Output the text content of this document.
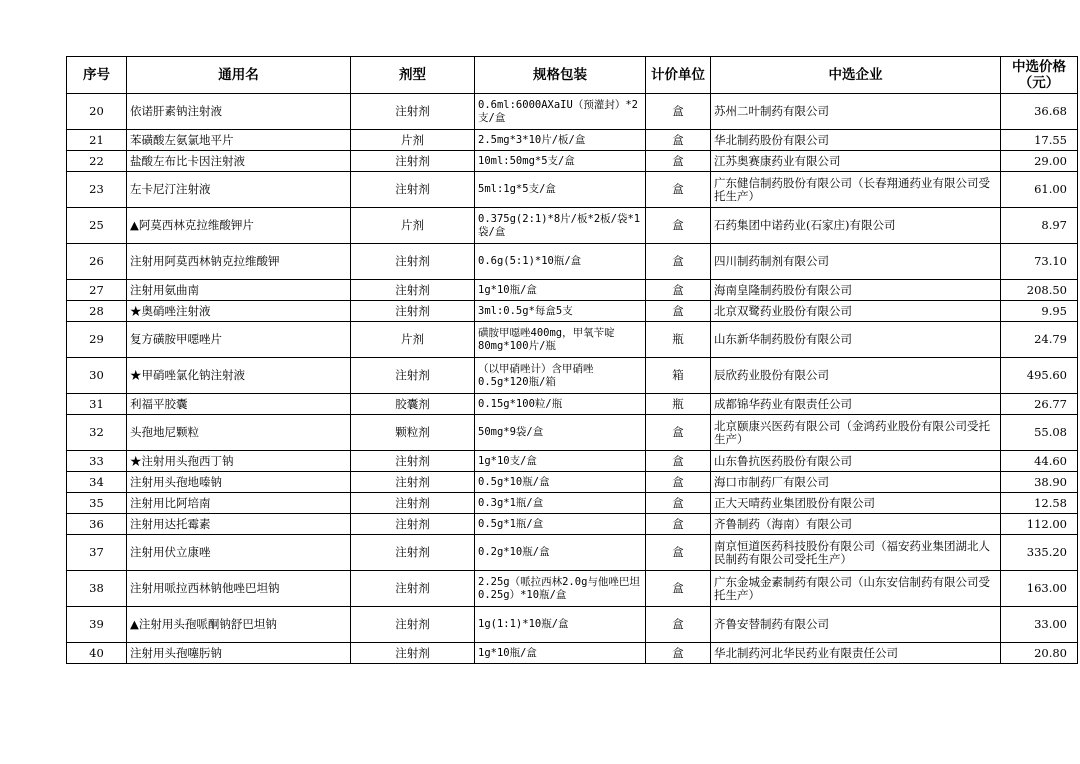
序号	通用名	剂型	规格包装	计价单位	中选企业	中选价格（元）
20	依诺肝素钠注射液	注射剂	0.6ml:6000AXaIU（预灌封）*2支/盒	盒	苏州二叶制药有限公司	36.68
21	苯磺酸左氨氯地平片	片剂	2.5mg*3*10片/板/盒	盒	华北制药股份有限公司	17.55
22	盐酸左布比卡因注射液	注射剂	10ml:50mg*5支/盒	盒	江苏奥赛康药业有限公司	29.00
23	左卡尼汀注射液	注射剂	5ml:1g*5支/盒	盒	广东健信制药股份有限公司（长春翔通药业有限公司受托生产）	61.00
25	▲阿莫西林克拉维酸钾片	片剂	0.375g(2:1)*8片/板*2板/袋*1袋/盒	盒	石药集团中诺药业(石家庄)有限公司	8.97
26	注射用阿莫西林钠克拉维酸钾	注射剂	0.6g(5:1)*10瓶/盒	盒	四川制药制剂有限公司	73.10
27	注射用氨曲南	注射剂	1g*10瓶/盒	盒	海南皇隆制药股份有限公司	208.50
28	★奥硝唑注射液	注射剂	3ml:0.5g*每盒5支	盒	北京双鹭药业股份有限公司	9.95
29	复方磺胺甲噁唑片	片剂	磺胺甲噁唑400mg，甲氧苄啶80mg*100片/瓶	瓶	山东新华制药股份有限公司	24.79
30	★甲硝唑氯化钠注射液	注射剂	（以甲硝唑计）含甲硝唑0.5g*120瓶/箱	箱	辰欣药业股份有限公司	495.60
31	利福平胶囊	胶囊剂	0.15g*100粒/瓶	瓶	成都锦华药业有限责任公司	26.77
32	头孢地尼颗粒	颗粒剂	50mg*9袋/盒	盒	北京颐康兴医药有限公司（金鸿药业股份有限公司受托生产）	55.08
33	★注射用头孢西丁钠	注射剂	1g*10支/盒	盒	山东鲁抗医药股份有限公司	44.60
34	注射用头孢地嗪钠	注射剂	0.5g*10瓶/盒	盒	海口市制药厂有限公司	38.90
35	注射用比阿培南	注射剂	0.3g*1瓶/盒	盒	正大天晴药业集团股份有限公司	12.58
36	注射用达托霉素	注射剂	0.5g*1瓶/盒	盒	齐鲁制药（海南）有限公司	112.00
37	注射用伏立康唑	注射剂	0.2g*10瓶/盒	盒	南京恒道医药科技股份有限公司（福安药业集团湖北人民制药有限公司受托生产）	335.20
38	注射用哌拉西林钠他唑巴坦钠	注射剂	2.25g（哌拉西林2.0g与他唑巴坦0.25g）*10瓶/盒	盒	广东金城金素制药有限公司（山东安信制药有限公司受托生产）	163.00
39	▲注射用头孢哌酮钠舒巴坦钠	注射剂	1g(1:1)*10瓶/盒	盒	齐鲁安替制药有限公司	33.00
40	注射用头孢噻肟钠	注射剂	1g*10瓶/盒	盒	华北制药河北华民药业有限责任公司	20.80
